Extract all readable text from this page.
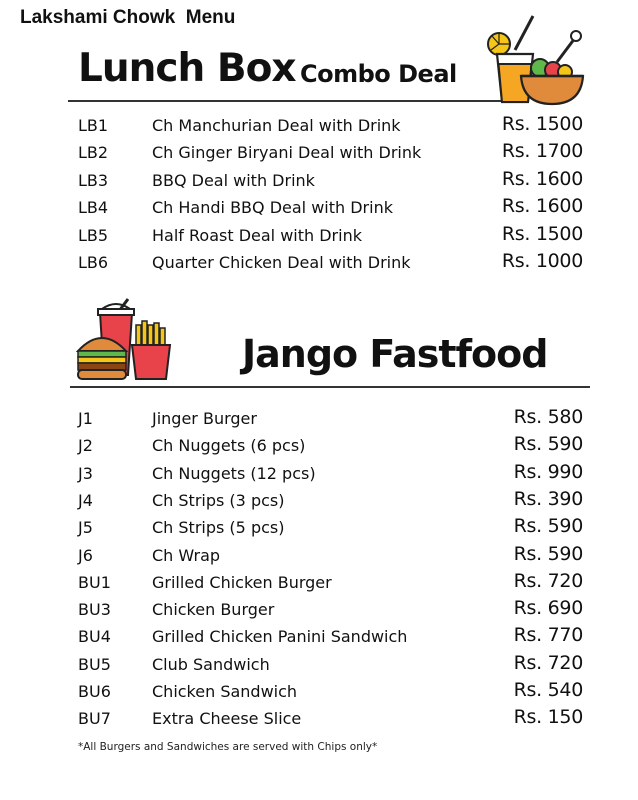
Lakshami Chowk  Menu
Lunch Box Combo Deal
LB1	Ch Manchurian Deal with Drink	Rs. 1500
LB2	Ch Ginger Biryani Deal with Drink	Rs. 1700
LB3	BBQ Deal with Drink	Rs. 1600
LB4	Ch Handi BBQ Deal with Drink	Rs. 1600
LB5	Half Roast Deal with Drink	Rs. 1500
LB6	Quarter Chicken Deal with Drink	Rs. 1000
Jango Fastfood
J1	Jinger Burger	Rs. 580
J2	Ch Nuggets (6 pcs)	Rs. 590
J3	Ch Nuggets (12 pcs)	Rs. 990
J4	Ch Strips (3 pcs)	Rs. 390
J5	Ch Strips (5 pcs)	Rs. 590
J6	Ch Wrap	Rs. 590
BU1	Grilled Chicken Burger	Rs. 720
BU3	Chicken Burger	Rs. 690
BU4	Grilled Chicken Panini Sandwich	Rs. 770
BU5	Club Sandwich	Rs. 720
BU6	Chicken Sandwich	Rs. 540
BU7	Extra Cheese Slice	Rs. 150
*All Burgers and Sandwiches are served with Chips only*
